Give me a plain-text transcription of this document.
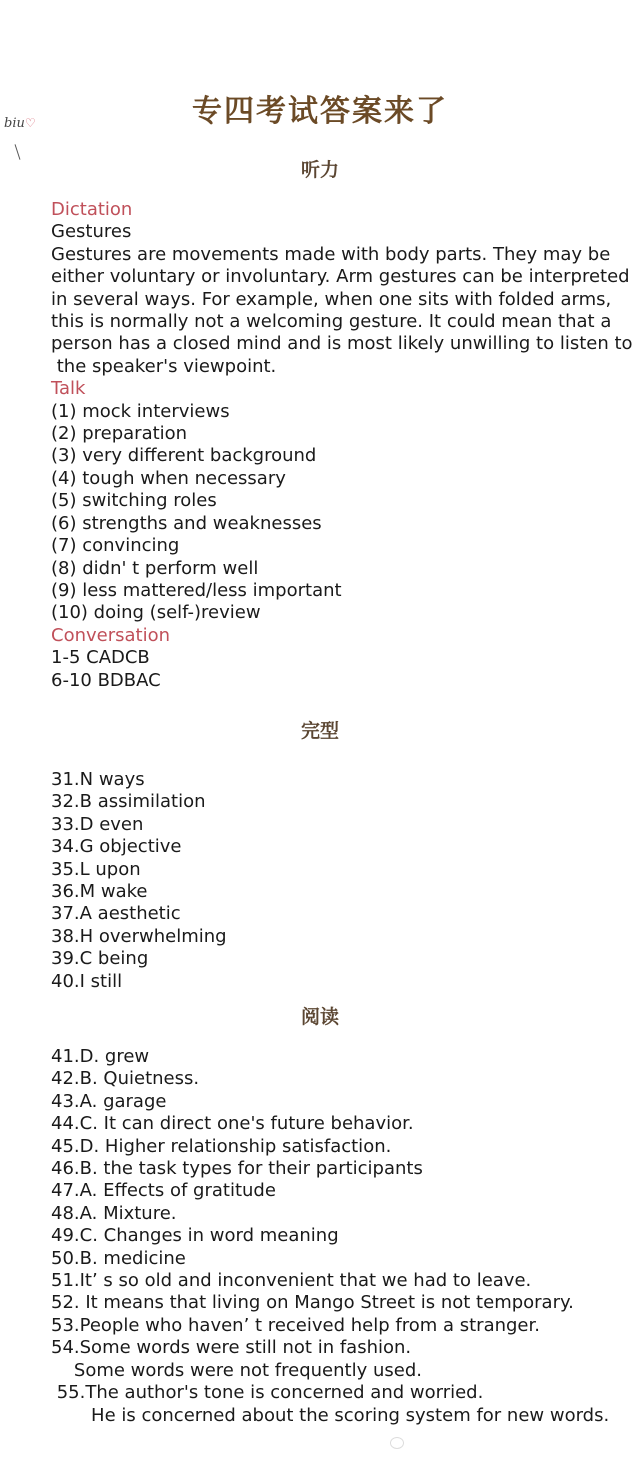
专四考试答案来了
biu♡
听力
Dictation
Gestures
Gestures are movements made with body parts. They may be
either voluntary or involuntary. Arm gestures can be interpreted
in several ways. For example, when one sits with folded arms,
this is normally not a welcoming gesture. It could mean that a
person has a closed mind and is most likely unwilling to listen to
the speaker's viewpoint.
Talk
(1) mock interviews
(2) preparation
(3) very different background
(4) tough when necessary
(5) switching roles
(6) strengths and weaknesses
(7) convincing
(8) didn' t perform well
(9) less mattered/less important
(10) doing (self-)review
Conversation
1-5 CADCB
6-10 BDBAC
完型
31.N ways
32.B assimilation
33.D even
34.G objective
35.L upon
36.M wake
37.A aesthetic
38.H overwhelming
39.C being
40.I still
阅读
41.D. grew
42.B. Quietness.
43.A. garage
44.C. It can direct one's future behavior.
45.D. Higher relationship satisfaction.
46.B. the task types for their participants
47.A. Effects of gratitude
48.A. Mixture.
49.C. Changes in word meaning
50.B. medicine
51.It’ s so old and inconvenient that we had to leave.
52. It means that living on Mango Street is not temporary.
53.People who haven’ t received help from a stranger.
54.Some words were still not in fashion.
Some words were not frequently used.
55.The author's tone is concerned and worried.
He is concerned about the scoring system for new words.
